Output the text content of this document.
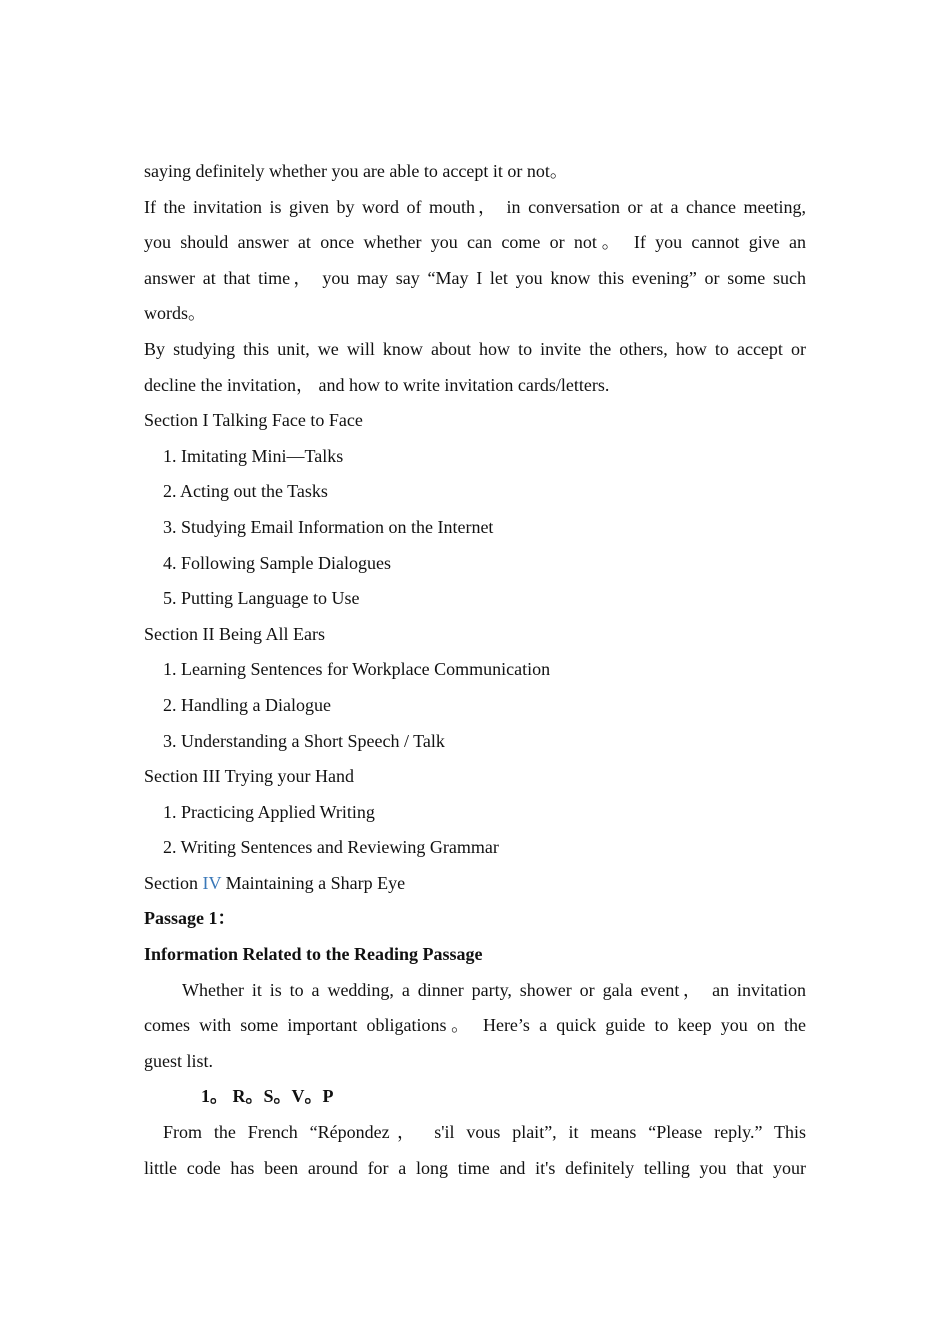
saying definitely whether you are able to accept it or not。
If the invitation is given by word of mouth， in conversation or at a chance meeting,
you should answer at once whether you can come or not。 If you cannot give an
answer at that time， you may say “May I let you know this evening” or some such
words。
By studying this unit, we will know about how to invite the others, how to accept or
decline the invitation， and how to write invitation cards/letters.
Section I Talking Face to Face
1. Imitating Mini—Talks
2. Acting out the Tasks
3. Studying Email Information on the Internet
4. Following Sample Dialogues
5. Putting Language to Use
Section II Being All Ears
1. Learning Sentences for Workplace Communication
2. Handling a Dialogue
3. Understanding a Short Speech / Talk
Section III Trying your Hand
1. Practicing Applied Writing
2. Writing Sentences and Reviewing Grammar
Section IV Maintaining a Sharp Eye
Passage 1：
Information Related to the Reading Passage
Whether it is to a wedding, a dinner party, shower or gala event， an invitation
comes with some important obligations。 Here’s a quick guide to keep you on the
guest list.
1。 R。S。V。P
From the French “Répondez， s'il vous plait”, it means “Please reply.” This
little code has been around for a long time and it's definitely telling you that your
